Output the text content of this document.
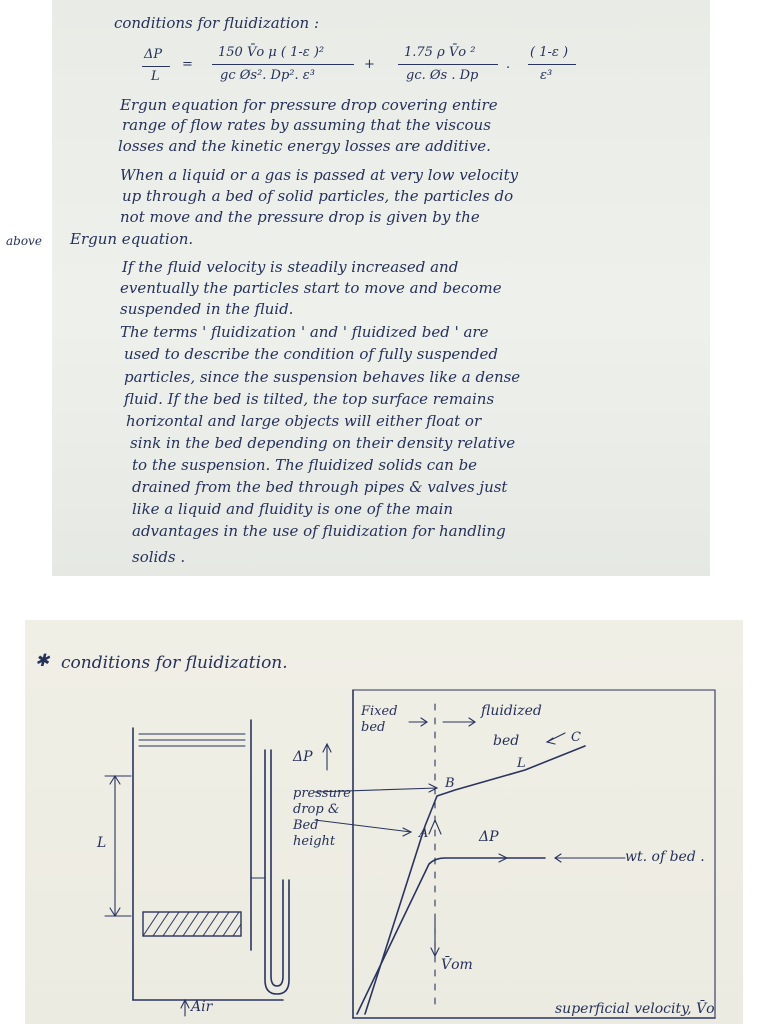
conditions for fluidization :
ΔP
L
=
150 V̄o μ ( 1-ε )²
gc Øs². Dp². ε³
+
1.75 ρ V̄o ²
gc. Øs . Dp
.
( 1-ε )
ε³
Ergun equation for pressure drop covering entire
range of flow rates by assuming that the viscous
losses and the kinetic energy losses are additive.
When a liquid or a gas is passed at very low velocity
up through a bed of solid particles, the particles do
not move and the pressure drop is given by the
Ergun equation.
If the fluid velocity is steadily increased and
eventually the particles start to move and become
suspended in the fluid.
The terms ' fluidization ' and ' fluidized bed ' are
used to describe the condition of fully suspended
particles, since the suspension behaves like a dense
fluid. If the bed is tilted, the top surface remains
horizontal and large objects will either float or
sink in the bed depending on their density relative
to the suspension. The fluidized solids can be
drained from the bed through pipes & valves just
like a liquid and fluidity is one of the main
advantages in the use of fluidization for handling
solids .
above
✱ conditions for fluidization.
L
Air
ΔP
pressure
drop &
Bed
height
Fixed
bed
fluidized
bed	C
L
B
A	ΔP
wt. of bed .
V̄om
superficial velocity, V̄o
